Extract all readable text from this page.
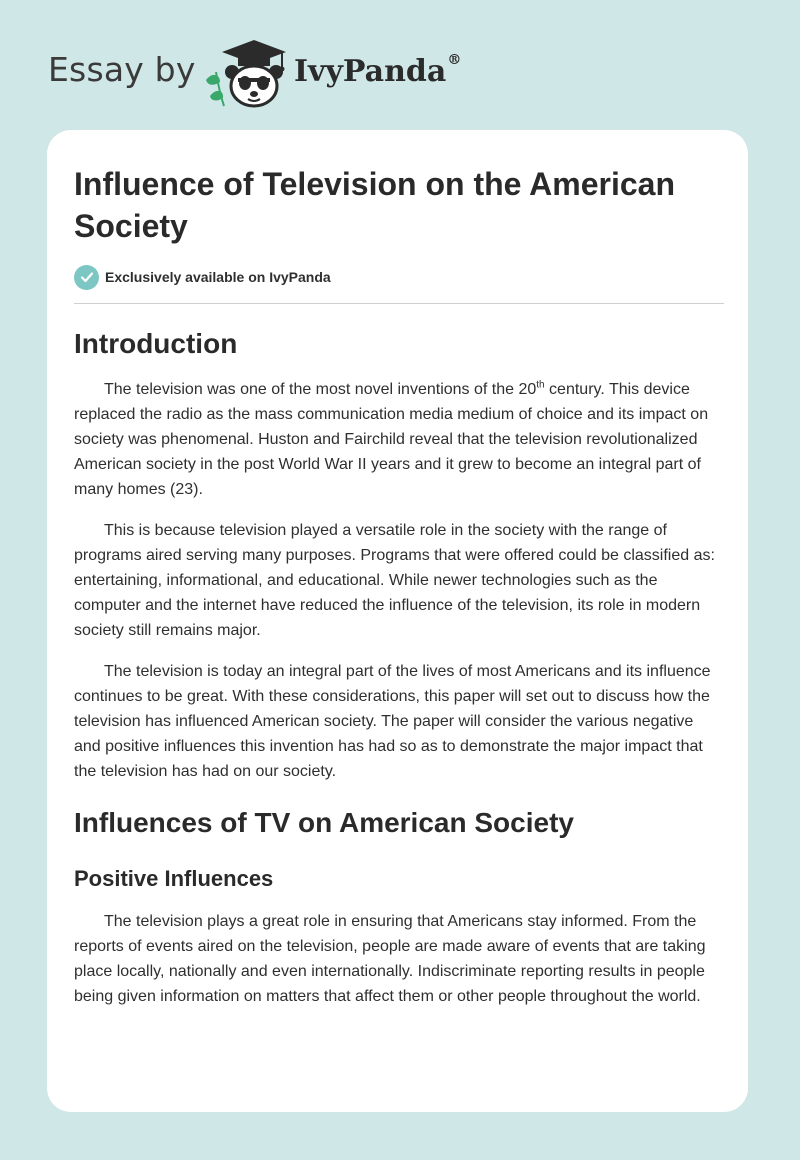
Essay by	IvyPanda®
Influence of Television on the American Society
Exclusively available on IvyPanda
Introduction

The television was one of the most novel inventions of the 20th century. This device replaced the radio as the mass communication media medium of choice and its impact on society was phenomenal. Huston and Fairchild reveal that the television revolutionalized American society in the post World War II years and it grew to become an integral part of many homes (23).

This is because television played a versatile role in the society with the range of programs aired serving many purposes. Programs that were offered could be classified as: entertaining, informational, and educational. While newer technologies such as the computer and the internet have reduced the influence of the television, its role in modern society still remains major.

The television is today an integral part of the lives of most Americans and its influence continues to be great. With these considerations, this paper will set out to discuss how the television has influenced American society. The paper will consider the various negative and positive influences this invention has had so as to demonstrate the major impact that the television has had on our society.

Influences of TV on American Society
Positive Influences

The television plays a great role in ensuring that Americans stay informed. From the reports of events aired on the television, people are made aware of events that are taking place locally, nationally and even internationally. Indiscriminate reporting results in people being given information on matters that affect them or other people throughout the world.
